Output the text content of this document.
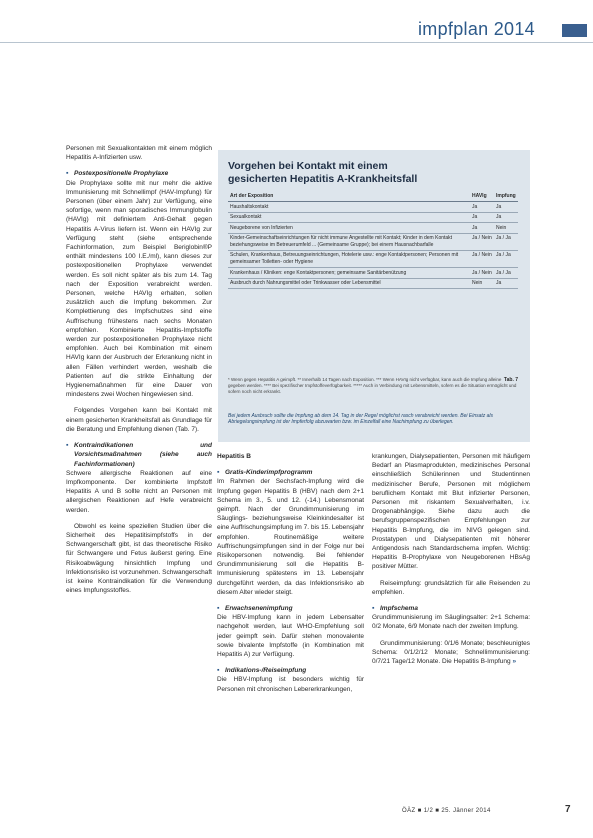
impfplan 2014

Personen mit Sexualkontakten mit einem möglich Hepatitis A-Infizierten usw.

▪ Postexpositionelle Prophylaxe

Die Prophylaxe sollte mit nur mehr die aktive Immunisierung mit Schnellimpf (HAV-Impfung) für Personen (über einem Jahr) zur Verfügung, eine sofortige, wenn man sporadisches Immunglobulin (HAVIg) mit definiertem Anti-Gehalt gegen Hepatitis A-Virus liefern ist. Wenn ein HAVIg zur Verfügung steht (siehe entsprechende Fachinformation, zum Beispiel Beriglobin®P enthält mindestens 100 I.E./ml), kann dieses zur postexpositionellen Prophylaxe verwendet werden. Es soll nicht später als bis zum 14. Tag nach der Exposition verabreicht werden. Personen, welche HAVIg erhalten, sollen zusätzlich auch die Impfung bekommen. Zur Komplettierung des Impfschutzes sind eine Auffrischung frühestens nach sechs Monaten empfohlen. Kombinierte Hepatitis-Impfstoffe werden zur postexpositionellen Prophylaxe nicht empfohlen. Auch bei Kombination mit einem HAVIg kann der Ausbruch der Erkrankung nicht in allen Fällen verhindert werden, weshalb die Patienten auf die strikte Einhaltung der Hygienemaßnahmen für eine Dauer von mindestens zwei Wochen hingewiesen sind.

Folgendes Vorgehen kann bei Kontakt mit einem gesicherten Krankheitsfall als Grundlage für die Beratung und Empfehlung dienen (Tab. 7).

▪ Kontraindikationen und Vorsichtsmaßnahmen (siehe auch Fachinformationen)

Schwere allergische Reaktionen auf eine Impfkomponente. Der kombinierte Impfstoff Hepatitis A und B sollte nicht an Personen mit allergischen Reaktionen auf Hefe verabreicht werden.

Obwohl es keine speziellen Studien über die Sicherheit des Hepatitisimpfstoffs in der Schwangerschaft gibt, ist das theoretische Risiko für Schwangere und Fetus äußerst gering. Eine Risikoabwägung hinsichtlich Impfung und Infektionsrisiko ist vorzunehmen. Schwangerschaft ist keine Kontraindikation für die Verwendung eines Impfungsstoffes.

Vorgehen bei Kontakt mit einem
gesicherten Hepatitis A-Krankheitsfall
Art der Exposition	HAVIg	Impfung
Haushaltskontakt	Ja	Ja
Sexualkontakt	Ja	Ja
Neugeborene von Infizierten	Ja	Nein
Kinder-Gemeinschaftseinrichtungen für nicht immune Angestellte mit Kontakt; Kinder in dem Kontakt beziehungsweise im Betreuerumfeld ... (Gemeinsame Gruppe); bei einem Hausnachbarfalle	Ja / Nein	Ja / Ja
Schulen, Krankenhaus, Betreuungseinrichtungen, Hotelerie usw.: enge Kontaktpersonen; Personen mit gemeinsamer Toiletten- oder Hygiene	Ja / Nein	Ja / Ja
Krankenhaus / Kliniken: enge Kontaktpersonen; gemeinsame Sanitärbenützung	Ja / Nein	Ja / Ja
Ausbruch durch Nahrungsmittel oder Trinkwasser oder Lebensmittel	Nein	Ja
* Wenn gegen Hepatitis A geimpft. ** Innerhalb 14 Tagen nach Exposition. *** Wenn HAVIg nicht verfügbar, kann auch die Impfung alleine gegeben werden. **** Bei spezifischer Impfstoffeverfügbarkeit. ***** Auch in Verbindung mit Lebensmitteln, sofern es die Situation ermöglicht und sofern noch nicht erkrankt.
Tab. 7
Bei jedem Ausbruch sollte die Impfung ab dem 14. Tag in der Regel möglichst rasch verabreicht werden. Bei Einsatz als Abriegelungsimpfung ist der Impferfolg abzuwarten bzw. im Einzelfall eine Nachimpfung zu überlegen.

Hepatitis B

▪ Gratis-Kinderimpfprogramm

Im Rahmen der Sechsfach-Impfung wird die Impfung gegen Hepatitis B (HBV) nach dem 2+1 Schema im 3., 5. und 12. (-14.) Lebensmonat geimpft. Nach der Grundimmunisierung im Säuglings- beziehungsweise Kleinkindesalter ist eine Auffrischungsimpfung im 7. bis 15. Lebensjahr empfohlen. Routinemäßige weitere Auffrischungsimpfungen sind in der Folge nur bei Risikopersonen notwendig. Bei fehlender Grundimmunisierung soll die Hepatitis B-Immunisierung spätestens im 13. Lebensjahr durchgeführt werden, da das Infektionsrisiko ab diesem Alter wieder steigt.

▪ Erwachsenenimpfung

Die HBV-Impfung kann in jedem Lebensalter nachgeholt werden, laut WHO-Empfehlung soll jeder geimpft sein. Dafür stehen monovalente sowie bivalente Impfstoffe (in Kombination mit Hepatitis A) zur Verfügung.

▪ Indikations-/Reiseimpfung

Die HBV-Impfung ist besonders wichtig für Personen mit chronischen Lebererkrankungen,

krankungen, Dialysepatienten, Personen mit häufigem Bedarf an Plasmaprodukten, medizinisches Personal einschließlich Schülerinnen und Studentinnen medizinischer Berufe, Personen mit möglichem beruflichem Kontakt mit Blut infizierter Personen, Personen mit riskantem Sexualverhalten, i.v. Drogenabhängige. Siehe dazu auch die berufsgruppenspezifischen Empfehlungen zur Hepatitis B-Impfung, die im NIVG gelegen sind. Prostatypen und Dialysepatienten mit höherer Antigendosis nach Standardschema impfen. Wichtig: Hepatitis B-Prophylaxe von Neugeborenen HBsAg positiver Mütter.

Reiseimpfung: grundsätzlich für alle Reisenden zu empfehlen.

▪ Impfschema

Grundimmunisierung im Säuglingsalter: 2+1 Schema: 0/2 Monate, 6/9 Monate nach der zweiten Impfung.

Grundimmunisierung: 0/1/6 Monate; beschleunigtes Schema: 0/1/2/12 Monate; Schnellimmunisierung: 0/7/21 Tage/12 Monate. Die Hepatitis B-Impfung »

ÖÄZ ■ 1/2 ■ 25. Jänner 2014	7
